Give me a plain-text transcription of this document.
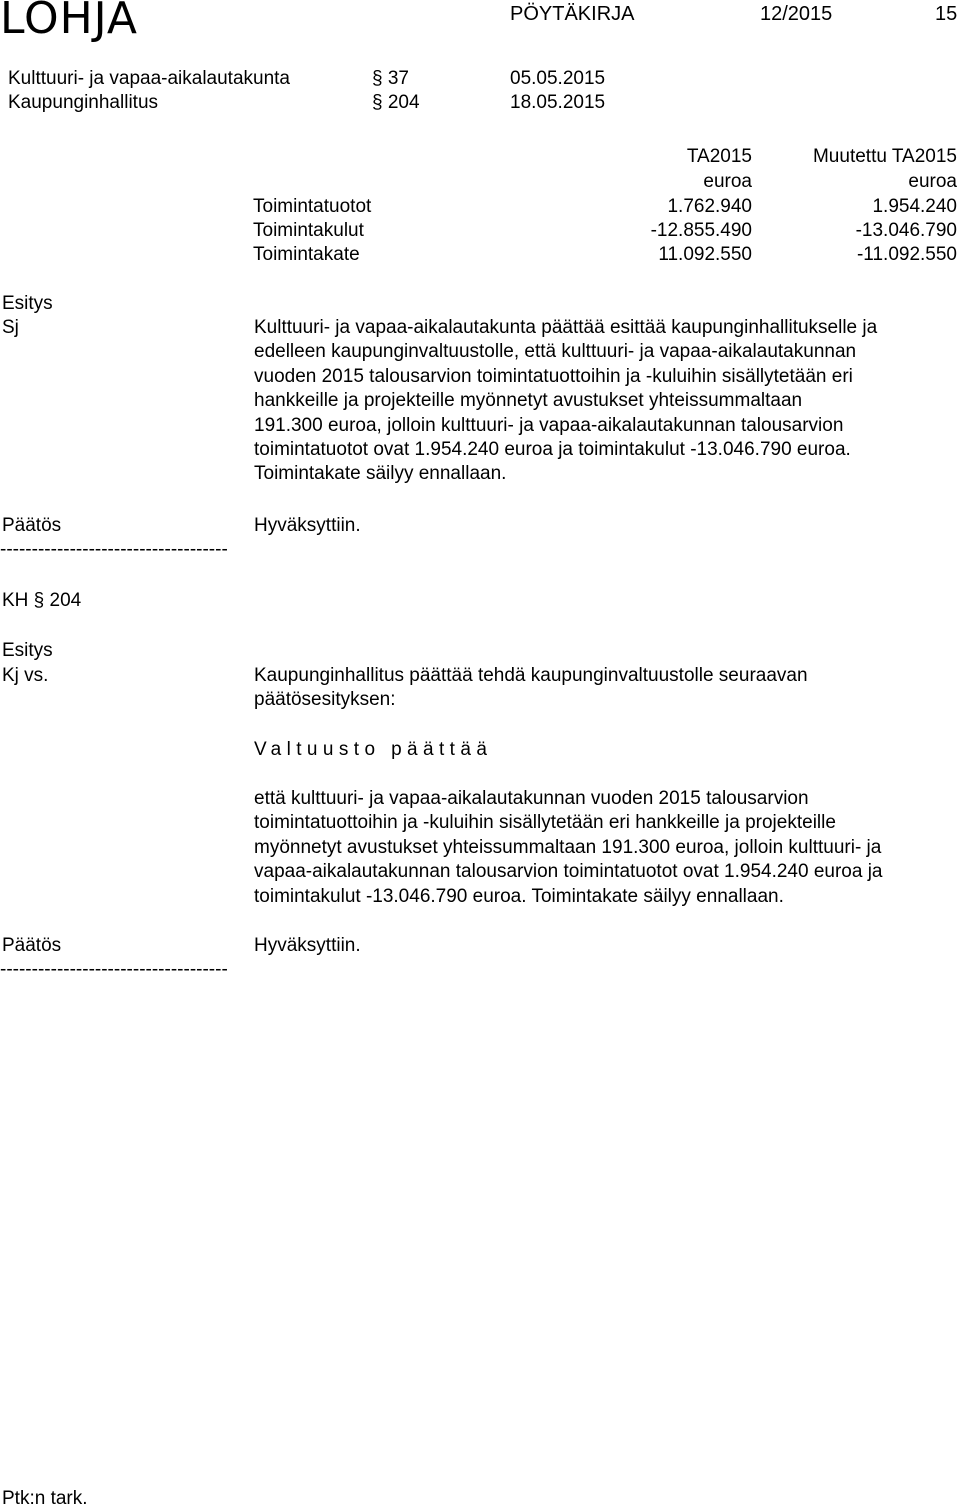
LOHJA	PÖYTÄKIRJA	12/2015	15
Kulttuuri- ja vapaa-aikalautakunta	§ 37	05.05.2015
Kaupunginhallitus	§ 204	18.05.2015
TA2015	Muutettu TA2015
euroa	euroa
Toimintatuotot	1.762.940	1.954.240
Toimintakulut	-12.855.490	-13.046.790
Toimintakate	11.092.550	-11.092.550
Esitys
Sj	Kulttuuri- ja vapaa-aikalautakunta päättää esittää kaupunginhallitukselle ja
edelleen kaupunginvaltuustolle, että kulttuuri- ja vapaa-aikalautakunnan
vuoden 2015 talousarvion toimintatuottoihin ja -kuluihin sisällytetään eri
hankkeille ja projekteille myönnetyt avustukset yhteissummaltaan
191.300 euroa, jolloin kulttuuri- ja vapaa-aikalautakunnan talousarvion
toimintatuotot ovat 1.954.240 euroa ja toimintakulut -13.046.790 euroa.
Toimintakate säilyy ennallaan.
Päätös	Hyväksyttiin.
------------------------------------
KH § 204
Esitys
Kj vs.	Kaupunginhallitus päättää tehdä kaupunginvaltuustolle seuraavan
päätösesityksen:
Valtuusto päättää
että kulttuuri- ja vapaa-aikalautakunnan vuoden 2015 talousarvion
toimintatuottoihin ja -kuluihin sisällytetään eri hankkeille ja projekteille
myönnetyt avustukset yhteissummaltaan 191.300 euroa, jolloin kulttuuri- ja
vapaa-aikalautakunnan talousarvion toimintatuotot ovat 1.954.240 euroa ja
toimintakulut -13.046.790 euroa. Toimintakate säilyy ennallaan.
Päätös	Hyväksyttiin.
------------------------------------
Ptk:n tark.
